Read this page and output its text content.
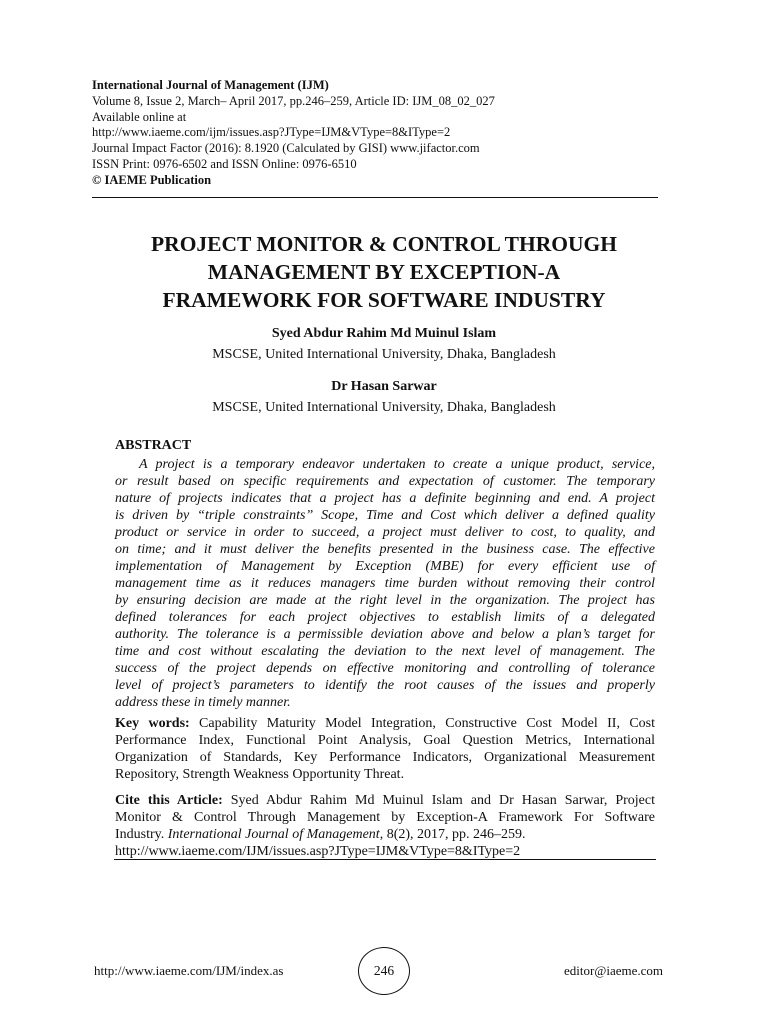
International Journal of Management (IJM)
Volume 8, Issue 2, March– April 2017, pp.246–259, Article ID: IJM_08_02_027
Available online at
http://www.iaeme.com/ijm/issues.asp?JType=IJM&VType=8&IType=2
Journal Impact Factor (2016): 8.1920 (Calculated by GISI) www.jifactor.com
ISSN Print: 0976-6502 and ISSN Online: 0976-6510
© IAEME Publication
PROJECT MONITOR & CONTROL THROUGH
MANAGEMENT BY EXCEPTION-A
FRAMEWORK FOR SOFTWARE INDUSTRY
Syed Abdur Rahim Md Muinul Islam
MSCSE, United International University, Dhaka, Bangladesh
Dr Hasan Sarwar
MSCSE, United International University, Dhaka, Bangladesh
ABSTRACT
A project is a temporary endeavor undertaken to create a unique product, service,
or result based on specific requirements and expectation of customer. The temporary
nature of projects indicates that a project has a definite beginning and end. A project
is driven by “triple constraints” Scope, Time and Cost which deliver a defined quality
product or service in order to succeed, a project must deliver to cost, to quality, and
on time; and it must deliver the benefits presented in the business case. The effective
implementation of Management by Exception (MBE) for every efficient use of
management time as it reduces managers time burden without removing their control
by ensuring decision are made at the right level in the organization. The project has
defined tolerances for each project objectives to establish limits of a delegated
authority. The tolerance is a permissible deviation above and below a plan’s target for
time and cost without escalating the deviation to the next level of management. The
success of the project depends on effective monitoring and controlling of tolerance
level of project’s parameters to identify the root causes of the issues and properly
address these in timely manner.
Key words: Capability Maturity Model Integration, Constructive Cost Model II, Cost
Performance Index, Functional Point Analysis, Goal Question Metrics, International
Organization of Standards, Key Performance Indicators, Organizational Measurement
Repository, Strength Weakness Opportunity Threat.
Cite this Article: Syed Abdur Rahim Md Muinul Islam and Dr Hasan Sarwar, Project
Monitor & Control Through Management by Exception-A Framework For Software
Industry. International Journal of Management, 8(2), 2017, pp. 246–259.
http://www.iaeme.com/IJM/issues.asp?JType=IJM&VType=8&IType=2
http://www.iaeme.com/IJM/index.as	246	editor@iaeme.com
